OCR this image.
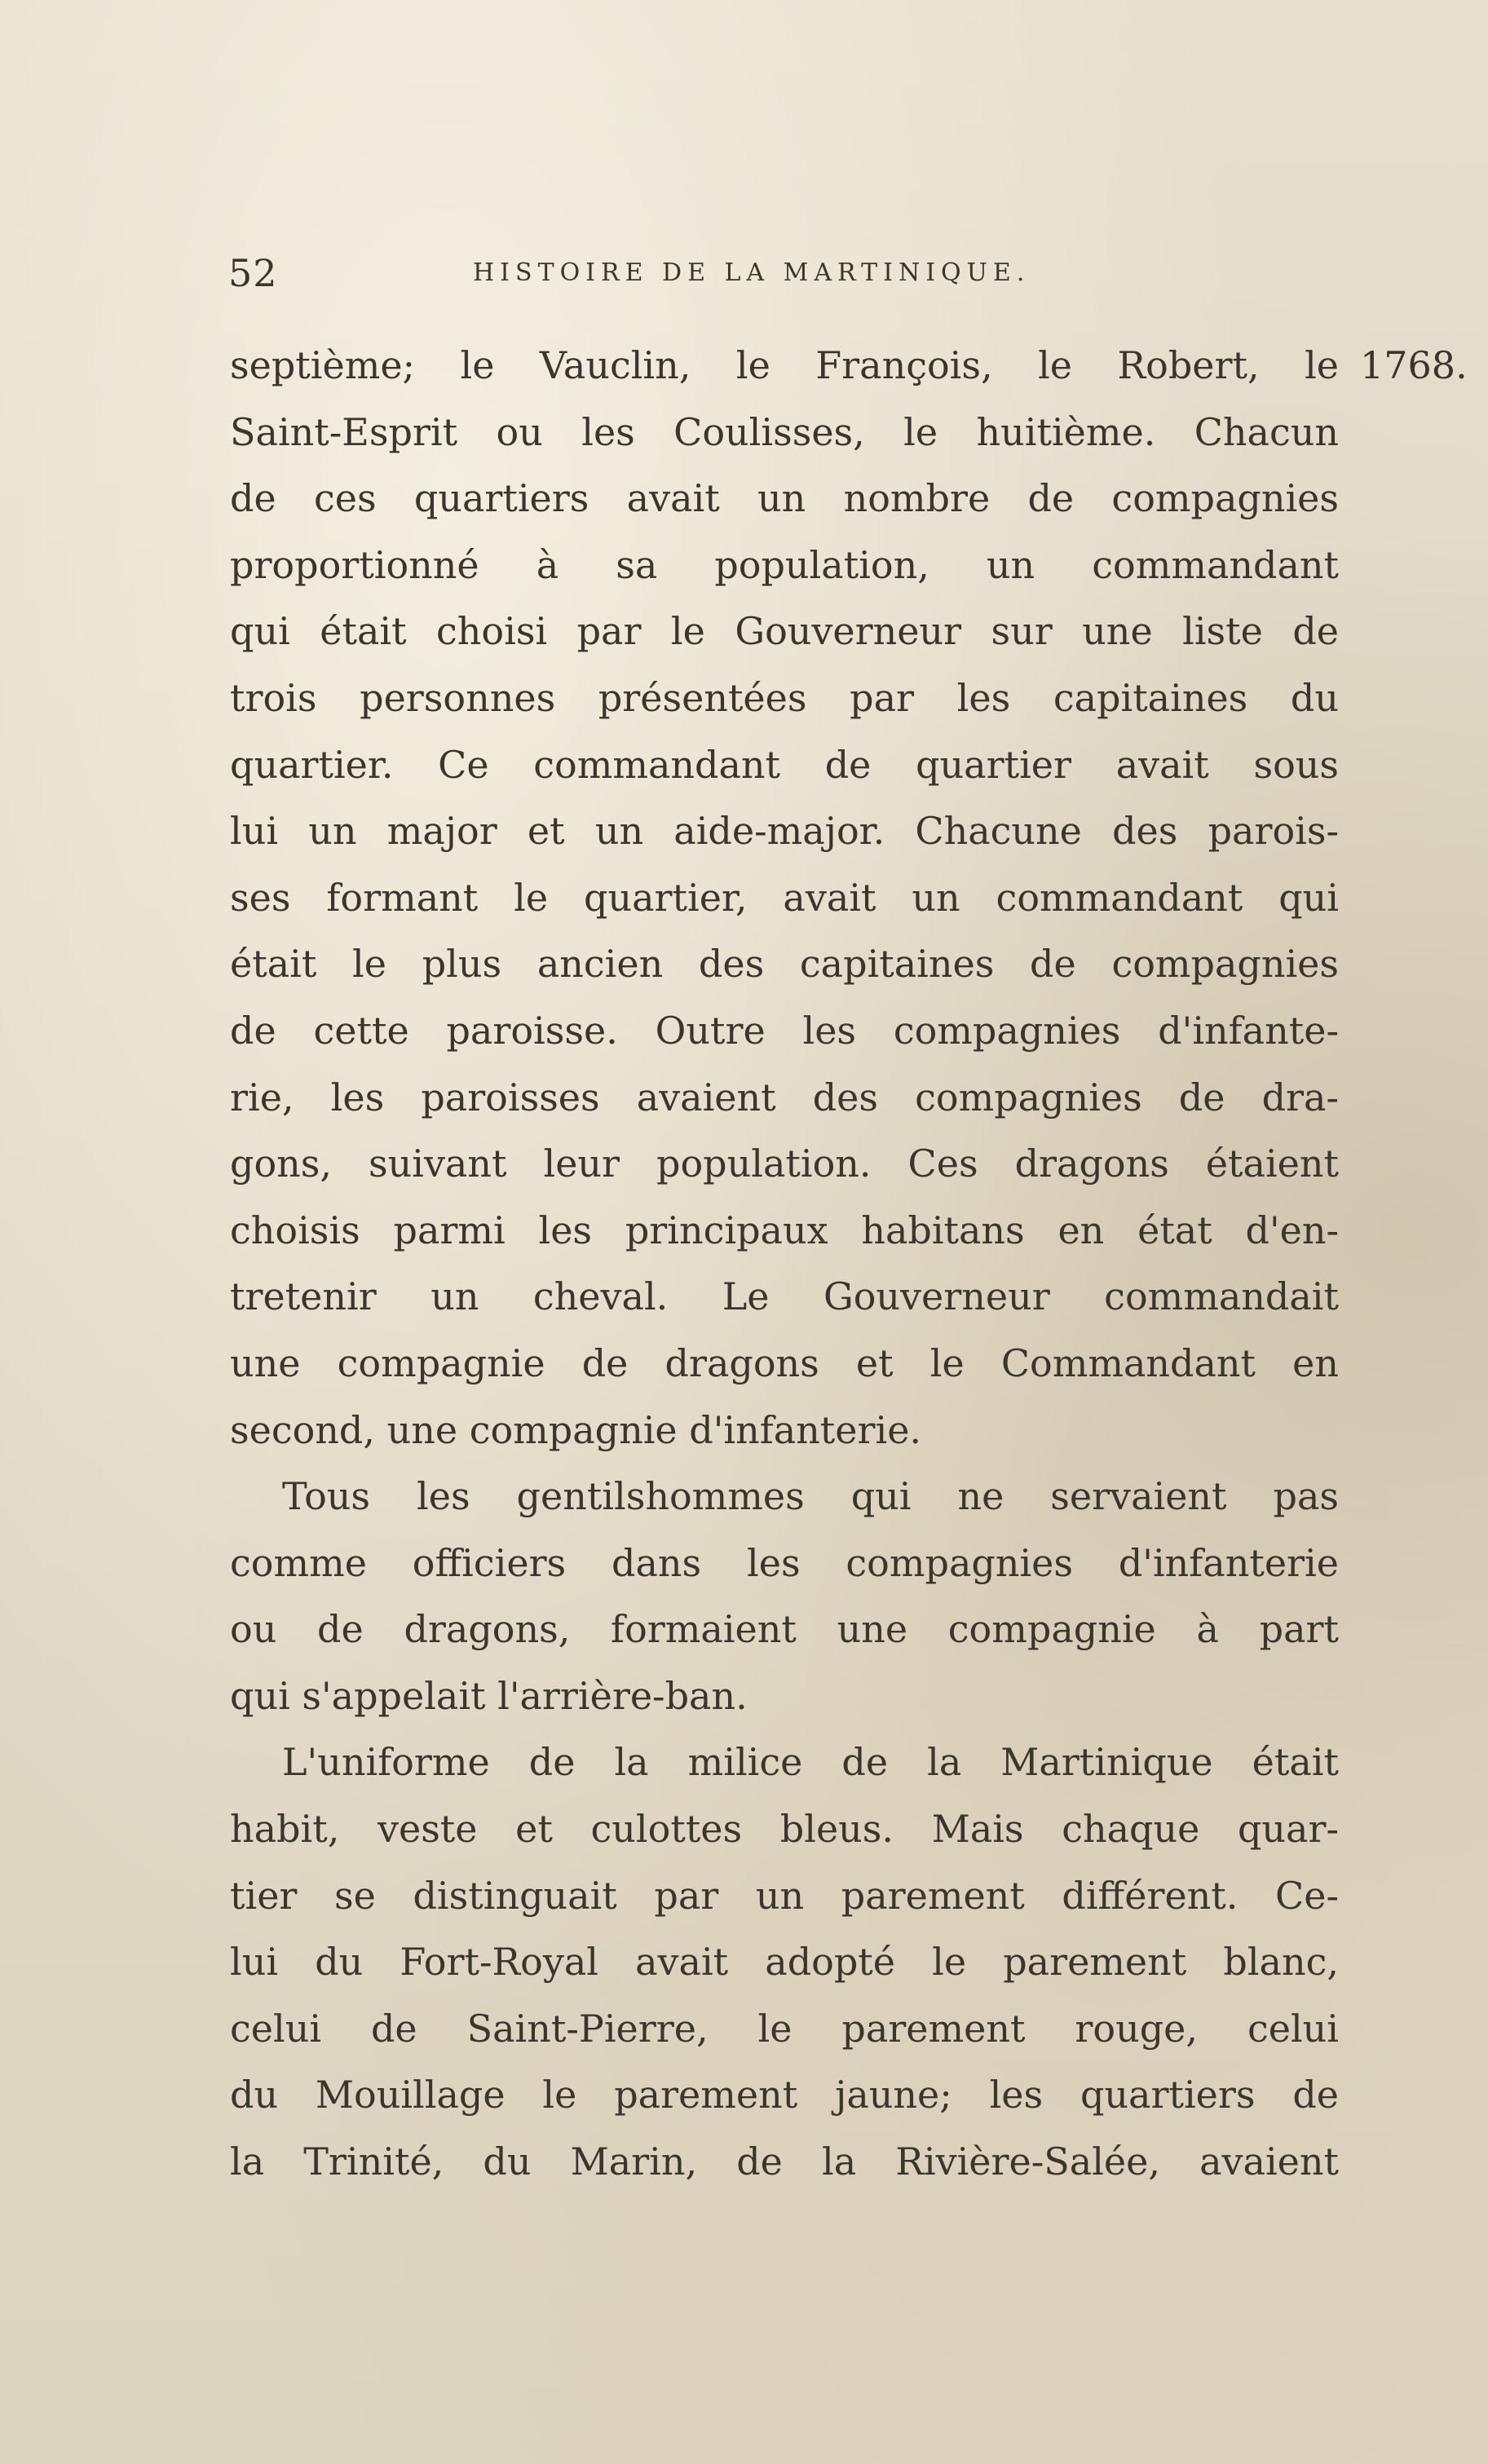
52	HISTOIRE DE LA MARTINIQUE.
1768.
septième; le Vauclin, le François, le Robert, le
Saint-Esprit ou les Coulisses, le huitième. Chacun
de ces quartiers avait un nombre de compagnies
proportionné à sa population, un commandant
qui était choisi par le Gouverneur sur une liste de
trois personnes présentées par les capitaines du
quartier. Ce commandant de quartier avait sous
lui un major et un aide-major. Chacune des parois-
ses formant le quartier, avait un commandant qui
était le plus ancien des capitaines de compagnies
de cette paroisse. Outre les compagnies d'infante-
rie, les paroisses avaient des compagnies de dra-
gons, suivant leur population. Ces dragons étaient
choisis parmi les principaux habitans en état d'en-
tretenir un cheval. Le Gouverneur commandait
une compagnie de dragons et le Commandant en
second, une compagnie d'infanterie.
Tous les gentilshommes qui ne servaient pas
comme officiers dans les compagnies d'infanterie
ou de dragons, formaient une compagnie à part
qui s'appelait l'arrière-ban.
L'uniforme de la milice de la Martinique était
habit, veste et culottes bleus. Mais chaque quar-
tier se distinguait par un parement différent. Ce-
lui du Fort-Royal avait adopté le parement blanc,
celui de Saint-Pierre, le parement rouge, celui
du Mouillage le parement jaune; les quartiers de
la Trinité, du Marin, de la Rivière-Salée, avaient
